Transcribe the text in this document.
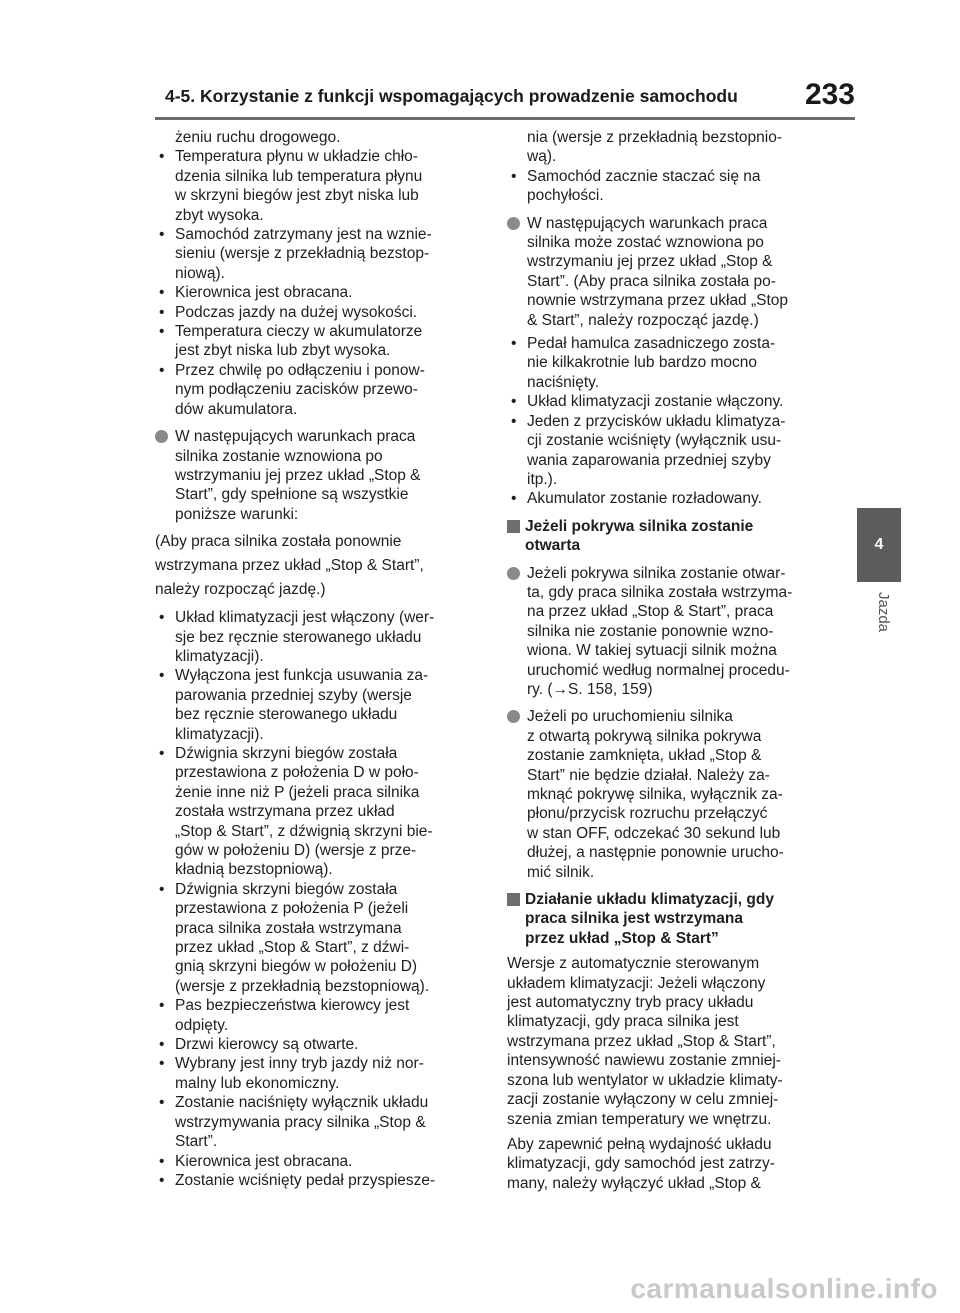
4-5. Korzystanie z funkcji wspomagających prowadzenie samochodu 233
4
Jazda

żeniu ruchu drogowego.

• Temperatura płynu w układzie chło-
dzenia silnika lub temperatura płynu
w skrzyni biegów jest zbyt niska lub
zbyt wysoka.
• Samochód zatrzymany jest na wznie-
sieniu (wersje z przekładnią bezstop-
niową).
• Kierownica jest obracana.
• Podczas jazdy na dużej wysokości.
• Temperatura cieczy w akumulatorze
jest zbyt niska lub zbyt wysoka.
• Przez chwilę po odłączeniu i ponow-
nym podłączeniu zacisków przewo-
dów akumulatora.
W następujących warunkach praca
silnika zostanie wznowiona po
wstrzymaniu jej przez układ „Stop &
Start”, gdy spełnione są wszystkie
poniższe warunki:
(Aby praca silnika została ponownie
wstrzymana przez układ „Stop & Start”,
należy rozpocząć jazdę.)
• Układ klimatyzacji jest włączony (wer-
sje bez ręcznie sterowanego układu
klimatyzacji).
• Wyłączona jest funkcja usuwania za-
parowania przedniej szyby (wersje
bez ręcznie sterowanego układu
klimatyzacji).
• Dźwignia skrzyni biegów została
przestawiona z położenia D w poło-
żenie inne niż P (jeżeli praca silnika
została wstrzymana przez układ
„Stop & Start”, z dźwignią skrzyni bie-
gów w położeniu D) (wersje z prze-
kładnią bezstopniową).
• Dźwignia skrzyni biegów została
przestawiona z położenia P (jeżeli
praca silnika została wstrzymana
przez układ „Stop & Start”, z dźwi-
gnią skrzyni biegów w położeniu D)
(wersje z przekładnią bezstopniową).
• Pas bezpieczeństwa kierowcy jest
odpięty.
• Drzwi kierowcy są otwarte.
• Wybrany jest inny tryb jazdy niż nor-
malny lub ekonomiczny.
• Zostanie naciśnięty wyłącznik układu
wstrzymywania pracy silnika „Stop &
Start”.
• Kierownica jest obracana.
• Zostanie wciśnięty pedał przyspiesze-

nia (wersje z przekładnią bezstopnio-
wą).

• Samochód zacznie staczać się na
pochyłości.
W następujących warunkach praca
silnika może zostać wznowiona po
wstrzymaniu jej przez układ „Stop &
Start”. (Aby praca silnika została po-
nownie wstrzymana przez układ „Stop
& Start”, należy rozpocząć jazdę.)
• Pedał hamulca zasadniczego zosta-
nie kilkakrotnie lub bardzo mocno
naciśnięty.
• Układ klimatyzacji zostanie włączony.
• Jeden z przycisków układu klimatyza-
cji zostanie wciśnięty (wyłącznik usu-
wania zaparowania przedniej szyby
itp.).
• Akumulator zostanie rozładowany.
Jeżeli pokrywa silnika zostanie
otwarta
Jeżeli pokrywa silnika zostanie otwar-
ta, gdy praca silnika została wstrzyma-
na przez układ „Stop & Start”, praca
silnika nie zostanie ponownie wzno-
wiona. W takiej sytuacji silnik można
uruchomić według normalnej procedu-
ry. (→S. 158, 159)
Jeżeli po uruchomieniu silnika
z otwartą pokrywą silnika pokrywa
zostanie zamknięta, układ „Stop &
Start” nie będzie działał. Należy za-
mknąć pokrywę silnika, wyłącznik za-
płonu/przycisk rozruchu przełączyć
w stan OFF, odczekać 30 sekund lub
dłużej, a następnie ponownie urucho-
mić silnik.
Działanie układu klimatyzacji, gdy
praca silnika jest wstrzymana
przez układ „Stop & Start”
Wersje z automatycznie sterowanym
układem klimatyzacji: Jeżeli włączony
jest automatyczny tryb pracy układu
klimatyzacji, gdy praca silnika jest
wstrzymana przez układ „Stop & Start”,
intensywność nawiewu zostanie zmniej-
szona lub wentylator w układzie klimaty-
zacji zostanie wyłączony w celu zmniej-
szenia zmian temperatury we wnętrzu.
Aby zapewnić pełną wydajność układu
klimatyzacji, gdy samochód jest zatrzy-
many, należy wyłączyć układ „Stop &
carmanualsonline.info
